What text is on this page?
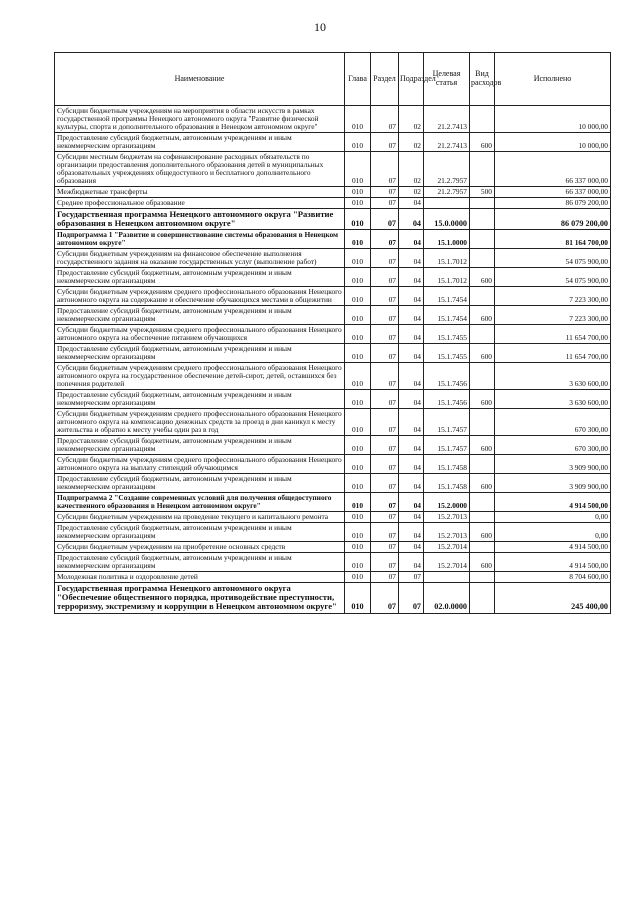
10
Наименование	Глава	Раздел	Подраздел	Целевая статья	Вид расходов	Исполнено
Субсидии бюджетным учреждениям на мероприятия в области искусств в рамках государственной программы Ненецкого автономного округа "Развитие физической культуры, спорта и дополнительного образования в Ненецком автономном округе"	010	07	02	21.2.7413		10 000,00
Предоставление субсидий бюджетным, автономным учреждениям и иным некоммерческим организациям	010	07	02	21.2.7413	600	10 000,00
Субсидии местным бюджетам на софинансирование расходных обязательств по организации предоставления дополнительного образования детей в муниципальных образовательных учреждениях общедоступного и бесплатного дополнительного образования	010	07	02	21.2.7957		66 337 000,00
Межбюджетные трансферты	010	07	02	21.2.7957	500	66 337 000,00
Среднее профессиональное образование	010	07	04			86 079 200,00
Государственная программа Ненецкого автономного округа "Развитие образования в Ненецком автономном округе"	010	07	04	15.0.0000		86 079 200,00
Подпрограмма 1 "Развитие и совершенствование системы образования в Ненецком автономном округе"	010	07	04	15.1.0000		81 164 700,00
Субсидии бюджетным учреждениям на финансовое обеспечение выполнения государственного задания на оказание государственных услуг (выполнение работ)	010	07	04	15.1.7012		54 075 900,00
Предоставление субсидий бюджетным, автономным учреждениям и иным некоммерческим организациям	010	07	04	15.1.7012	600	54 075 900,00
Субсидии бюджетным учреждениям среднего профессионального образования Ненецкого автономного округа на содержание и обеспечение обучающихся местами в общежитии	010	07	04	15.1.7454		7 223 300,00
Предоставление субсидий бюджетным, автономным учреждениям и иным некоммерческим организациям	010	07	04	15.1.7454	600	7 223 300,00
Субсидии бюджетным учреждениям среднего профессионального образования Ненецкого автономного округа на обеспечение питанием обучающихся	010	07	04	15.1.7455		11 654 700,00
Предоставление субсидий бюджетным, автономным учреждениям и иным некоммерческим организациям	010	07	04	15.1.7455	600	11 654 700,00
Субсидии бюджетным учреждениям среднего профессионального образования Ненецкого автономного округа на государственное обеспечение детей-сирот, детей, оставшихся без попечения родителей	010	07	04	15.1.7456		3 630 600,00
Предоставление субсидий бюджетным, автономным учреждениям и иным некоммерческим организациям	010	07	04	15.1.7456	600	3 630 600,00
Субсидии бюджетным учреждениям среднего профессионального образования Ненецкого автономного округа на компенсацию денежных средств за проезд в дни каникул к месту жительства и обратно к месту учебы один раз в год	010	07	04	15.1.7457		670 300,00
Предоставление субсидий бюджетным, автономным учреждениям и иным некоммерческим организациям	010	07	04	15.1.7457	600	670 300,00
Субсидии бюджетным учреждениям среднего профессионального образования Ненецкого автономного округа на выплату стипендий обучающимся	010	07	04	15.1.7458		3 909 900,00
Предоставление субсидий бюджетным, автономным учреждениям и иным некоммерческим организациям	010	07	04	15.1.7458	600	3 909 900,00
Подпрограмма 2 "Создание современных условий для получения общедоступного качественного образования в Ненецком автономном округе"	010	07	04	15.2.0000		4 914 500,00
Субсидии бюджетным учреждениям на проведение текущего и капитального ремонта	010	07	04	15.2.7013		0,00
Предоставление субсидий бюджетным, автономным учреждениям и иным некоммерческим организациям	010	07	04	15.2.7013	600	0,00
Субсидии бюджетным учреждениям на приобретение основных средств	010	07	04	15.2.7014		4 914 500,00
Предоставление субсидий бюджетным, автономным учреждениям и иным некоммерческим организациям	010	07	04	15.2.7014	600	4 914 500,00
Молодежная политика и оздоровление детей	010	07	07			8 704 600,00
Государственная программа Ненецкого автономного округа "Обеспечение общественного порядка, противодействие преступности, терроризму, экстремизму и коррупции в Ненецком автономном округе"	010	07	07	02.0.0000		245 400,00
